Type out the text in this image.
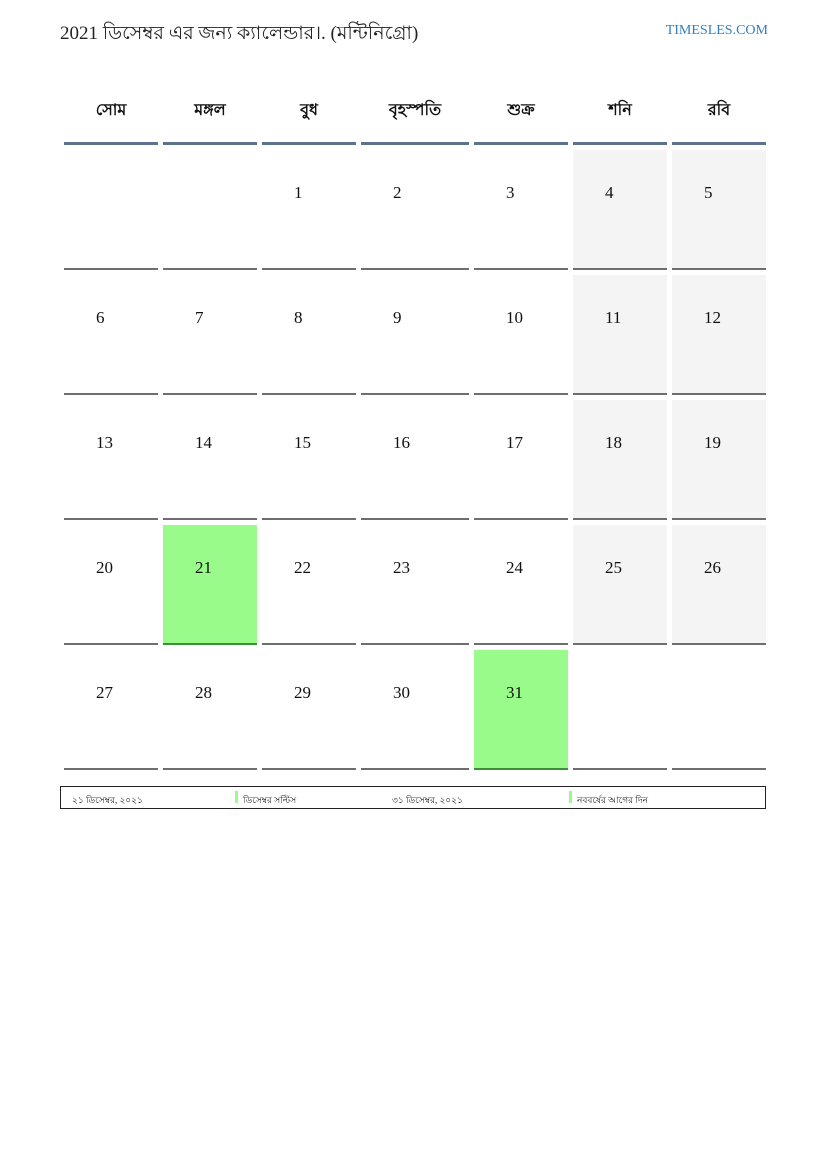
2021 ডিসেম্বর এর জন্য ক্যালেন্ডার।. (মন্টিনিগ্রো)	TIMESLES.COM
সোম	মঙ্গল	বুধ	বৃহস্পতি	শুক্র	শনি	রবি

		1	2	3	4	5

6	7	8	9	10	11	12

13	14	15	16	17	18	19

20	21	22	23	24	25	26

27	28	29	30	31		

২১ ডিসেম্বর, ২০২১	ডিসেম্বর সল্টিস	৩১ ডিসেম্বর, ২০২১	নববর্ষের আগের দিন
